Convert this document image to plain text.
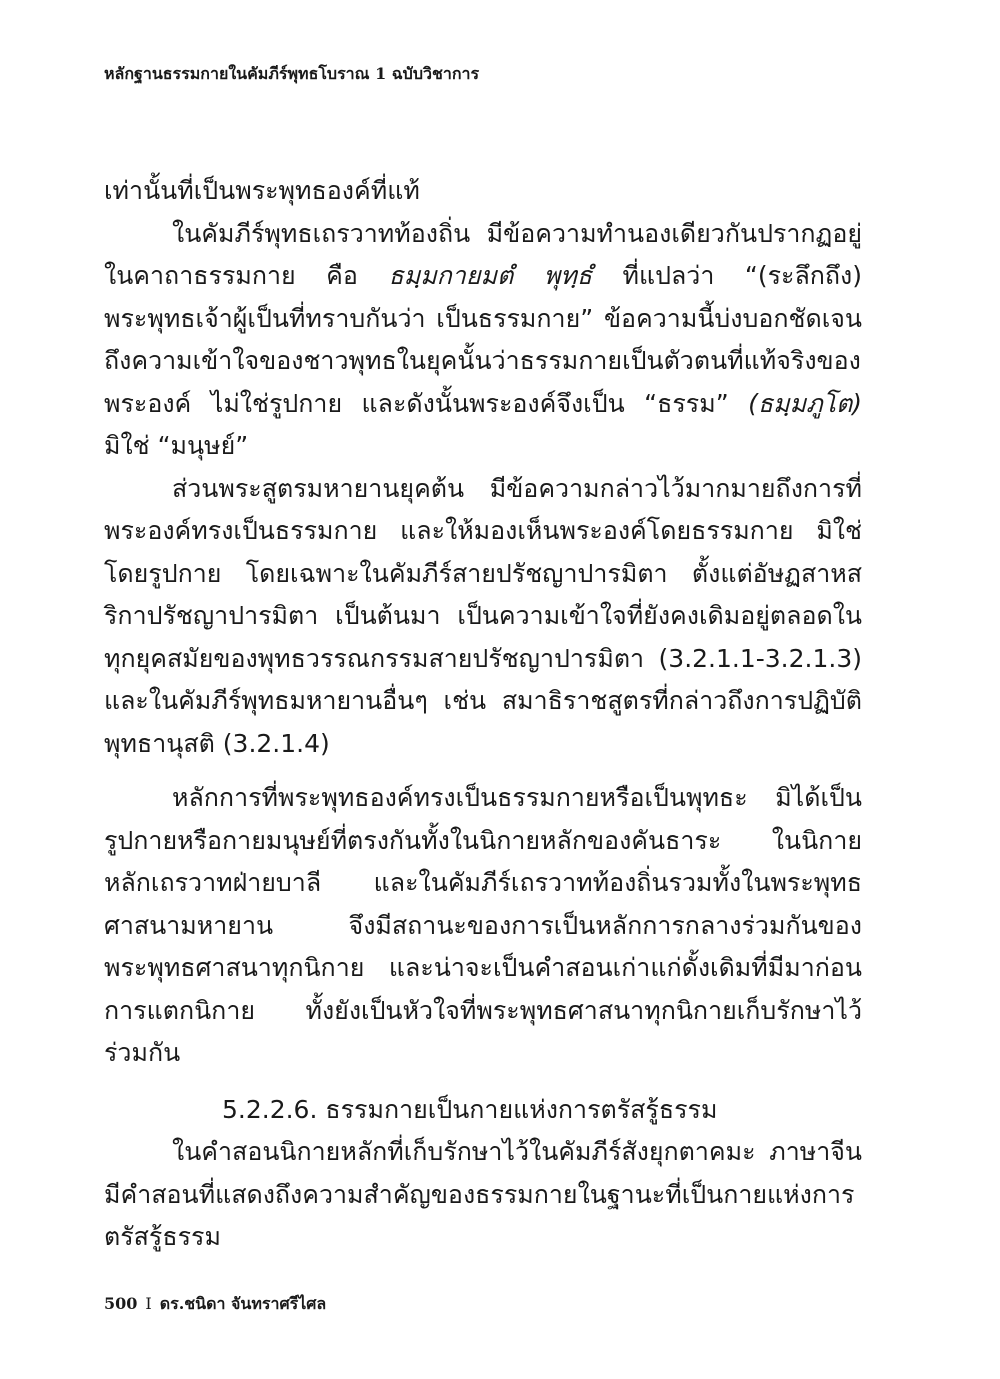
หลักฐานธรรมกายในคัมภีร์พุทธโบราณ 1 ฉบับวิชาการ

เท่านั้นที่เป็นพระพุทธองค์ที่แท้

ในคัมภีร์พุทธเถรวาทท้องถิ่น มีข้อความทำนองเดียวกันปรากฏอยู่ในคาถาธรรมกาย คือ ธมฺมกายมตํ พุทฺธํ ที่แปลว่า “(ระลึกถึง) พระพุทธเจ้าผู้เป็นที่ทราบกันว่า เป็นธรรมกาย” ข้อความนี้บ่งบอกชัดเจนถึงความเข้าใจของชาวพุทธในยุคนั้นว่าธรรมกายเป็นตัวตนที่แท้จริงของพระองค์ ไม่ใช่รูปกาย และดังนั้นพระองค์จึงเป็น “ธรรม” (ธมฺมภูโต) มิใช่ “มนุษย์”

ส่วนพระสูตรมหายานยุคต้น มีข้อความกล่าวไว้มากมายถึงการที่พระองค์ทรงเป็นธรรมกาย และให้มองเห็นพระองค์โดยธรรมกาย มิใช่โดยรูปกาย โดยเฉพาะในคัมภีร์สายปรัชญาปารมิตา ตั้งแต่อัษฏสาหสริกาปรัชญาปารมิตา เป็นต้นมา เป็นความเข้าใจที่ยังคงเดิมอยู่ตลอดในทุกยุคสมัยของพุทธวรรณกรรมสายปรัชญาปารมิตา (3.2.1.1-3.2.1.3) และในคัมภีร์พุทธมหายานอื่นๆ เช่น สมาธิราชสูตรที่กล่าวถึงการปฏิบัติพุทธานุสติ (3.2.1.4)

หลักการที่พระพุทธองค์ทรงเป็นธรรมกายหรือเป็นพุทธะ มิได้เป็นรูปกายหรือกายมนุษย์ที่ตรงกันทั้งในนิกายหลักของคันธาระ ในนิกายหลักเถรวาทฝ่ายบาลี และในคัมภีร์เถรวาทท้องถิ่นรวมทั้งในพระพุทธศาสนามหายาน จึงมีสถานะของการเป็นหลักการกลางร่วมกันของพระพุทธศาสนาทุกนิกาย และน่าจะเป็นคำสอนเก่าแก่ดั้งเดิมที่มีมาก่อนการแตกนิกาย ทั้งยังเป็นหัวใจที่พระพุทธศาสนาทุกนิกายเก็บรักษาไว้ร่วมกัน

5.2.2.6. ธรรมกายเป็นกายแห่งการตรัสรู้ธรรม

ในคำสอนนิกายหลักที่เก็บรักษาไว้ในคัมภีร์สังยุกตาคมะ ภาษาจีน มีคำสอนที่แสดงถึงความสำคัญของธรรมกายในฐานะที่เป็นกายแห่งการตรัสรู้ธรรม

500 I ดร.ชนิดา จันทราศรีไศล
